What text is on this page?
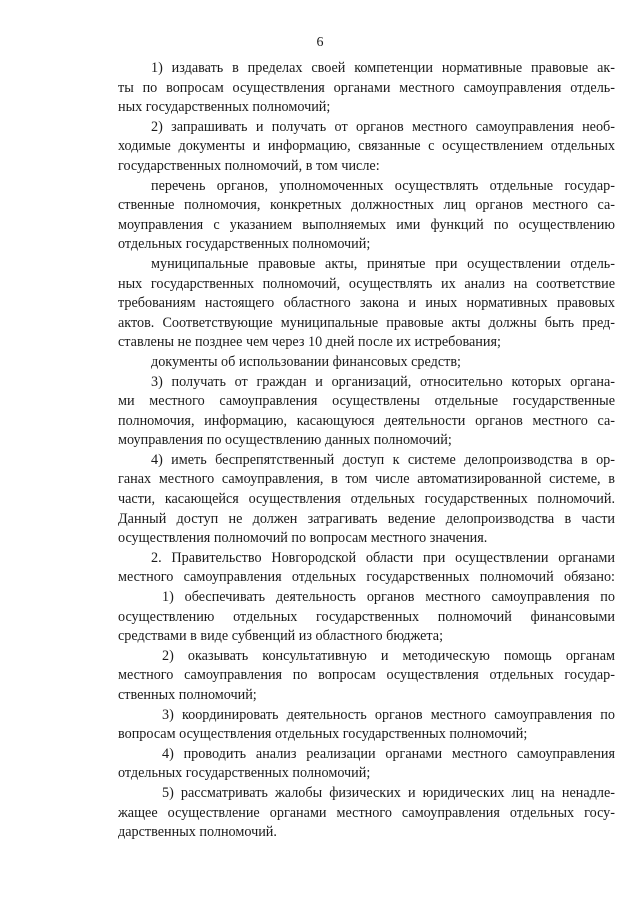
6
1) издавать в пределах своей компетенции нормативные правовые ак-
ты по вопросам осуществления органами местного самоуправления отдель-
ных государственных полномочий;
2) запрашивать и получать от органов местного самоуправления необ-
ходимые документы и информацию, связанные с осуществлением отдельных
государственных полномочий, в том числе:
перечень органов, уполномоченных осуществлять отдельные государ-
ственные полномочия, конкретных должностных лиц органов местного са-
моуправления с указанием выполняемых ими функций по осуществлению
отдельных государственных полномочий;
муниципальные правовые акты, принятые при осуществлении отдель-
ных государственных полномочий, осуществлять их анализ на соответствие
требованиям настоящего областного закона и иных нормативных правовых
актов. Соответствующие муниципальные правовые акты должны быть пред-
ставлены не позднее чем через 10 дней после их истребования;
документы об использовании финансовых средств;
3) получать от граждан и организаций, относительно которых органа-
ми местного самоуправления осуществлены отдельные государственные
полномочия, информацию, касающуюся деятельности органов местного са-
моуправления по осуществлению данных полномочий;
4) иметь беспрепятственный доступ к системе делопроизводства в ор-
ганах местного самоуправления, в том числе автоматизированной системе, в
части, касающейся осуществления отдельных государственных полномочий.
Данный доступ не должен затрагивать ведение делопроизводства в части
осуществления полномочий по вопросам местного значения.
2. Правительство Новгородской области при осуществлении органами
местного самоуправления отдельных государственных полномочий обязано:
1) обеспечивать деятельность органов местного самоуправления по
осуществлению отдельных государственных полномочий финансовыми
средствами в виде субвенций из областного бюджета;
2) оказывать консультативную и методическую помощь органам
местного самоуправления по вопросам осуществления отдельных государ-
ственных полномочий;
3) координировать деятельность органов местного самоуправления по
вопросам осуществления отдельных государственных полномочий;
4) проводить анализ реализации органами местного самоуправления
отдельных государственных полномочий;
5) рассматривать жалобы физических и юридических лиц на ненадле-
жащее осуществление органами местного самоуправления отдельных госу-
дарственных полномочий.
